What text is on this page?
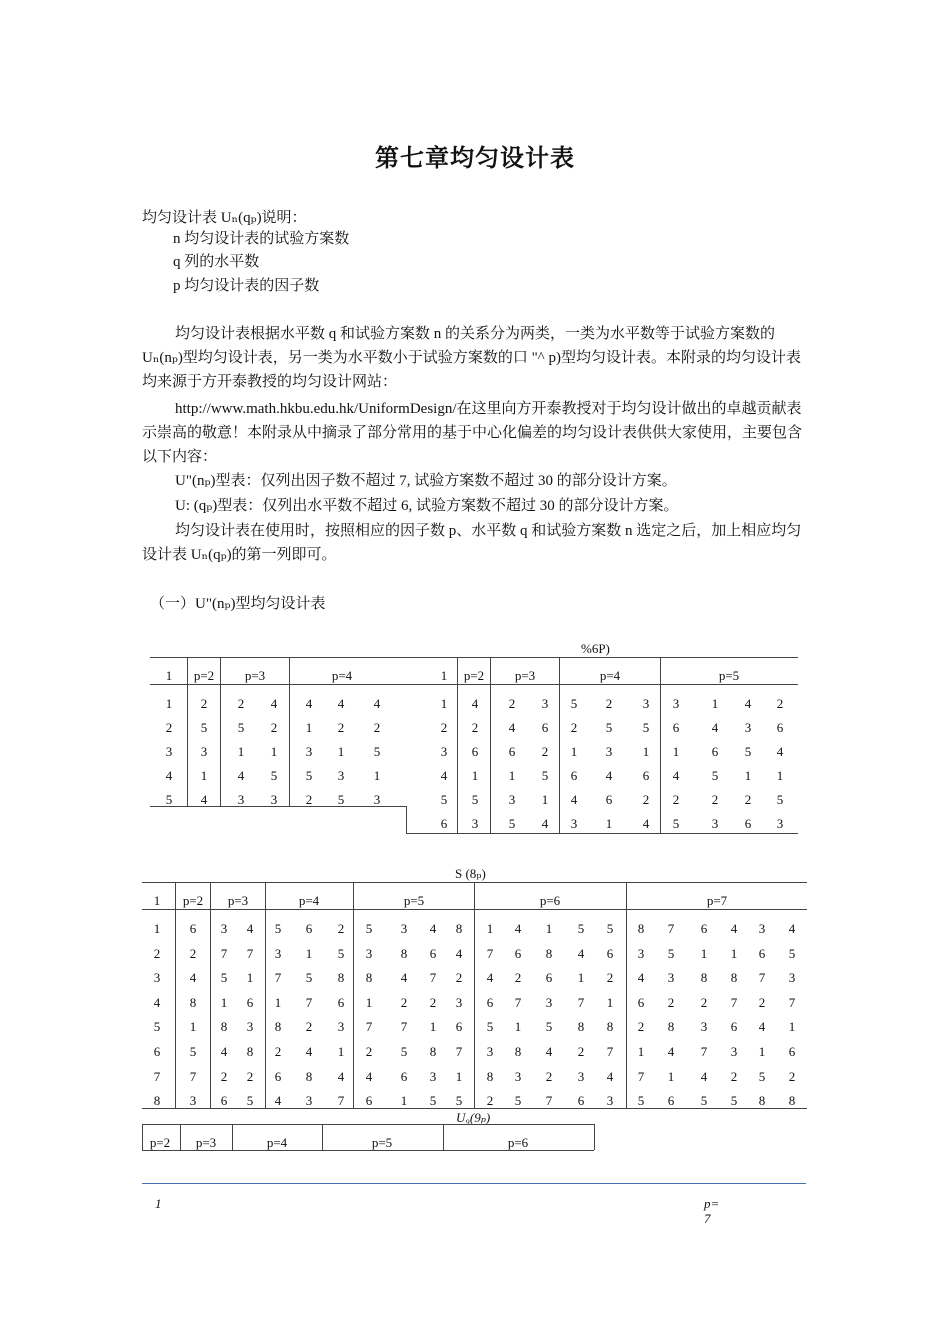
第七章均匀设计表
均匀设计表 Uₙ(qₚ)说明：
n 均匀设计表的试验方案数
q 列的水平数
p 均匀设计表的因子数
均匀设计表根据水平数 q 和试验方案数 n 的关系分为两类，一类为水平数等于试验方案数的 Uₙ(nₚ)型均匀设计表，另一类为水平数小于试验方案数的口 "^ p)型均匀设计表。本附录的均匀设计表均来源于方开泰教授的均匀设计网站：
http://www.math.hkbu.edu.hk/UniformDesign/在这里向方开泰教授对于均匀设计做出的卓越贡献表示崇高的敬意！本附录从中摘录了部分常用的基于中心化偏差的均匀设计表供供大家使用，主要包含以下内容：
U"(nₚ)型表：仅列出因子数不超过 7, 试验方案数不超过 30 的部分设计方案。
U: (qₚ)型表：仅列出水平数不超过 6, 试验方案数不超过 30 的部分设计方案。
均匀设计表在使用时，按照相应的因子数 p、水平数 q 和试验方案数 n 选定之后，加上相应均匀设计表 Uₙ(qₚ)的第一列即可。
（一）U"(nₚ)型均匀设计表
%6P)
1 p=2 p=3	p=4
1 2 2 4 4 4 4
2 5 5 2 1 2 2
3 3 1 1 3 1 5
4 1 4 5 5 3 1
5 4 3 3 2 5 3
1 p=2 p=3	p=4	p=5
1 4 2 3 5 2 3 3	1 4 2
2 2 4 6 2 5 5 6	4 3 6
3 6 6 2 1 3 1 1	6 5 4
4 1 1 5 6 4 6 4	5 1 1
5 5 3 1 4 6 2 2	2 2 5
6 3 5 4 3 1 4 5	3 6 3
S (8ₚ)
1 p=2 p=3	p=4	p=5	p=6	p=7
1 6 3 4 5 6 2 5 3 4 8 1 4 1 5 5 8 7 6 4 3 4
2 2 7 7 3 1 5 3 8 6 4 7 6 8 4 6 3 5 1 1 6 5
3 4 5 1 7 5 8 8 4 7 2 4 2 6 1 2 4 3 8 8 7 3
4 8 1 6 1 7 6 1 2 2 3 6 7 3 7 1 6 2 2 7 2 7
5 1 8 3 8 2 3 7 7 1 6 5 1 5 8 8 2 8 3 6 4 1
6 5 4 8 2 4 1 2 5 8 7 3 8 4 2 7 1 4 7 3 1 6
7 7 2 2 6 8 4 4 6 3 1 8 3 2 3 4 7 1 4 2 5 2
8 3 6 5 4 3 7 6 1 5 5 2 5 7 6 3 5 6 5 5 8 8
U₉(9ₚ)
p=2 p=3	p=4	p=5	p=6
1	p=
7
